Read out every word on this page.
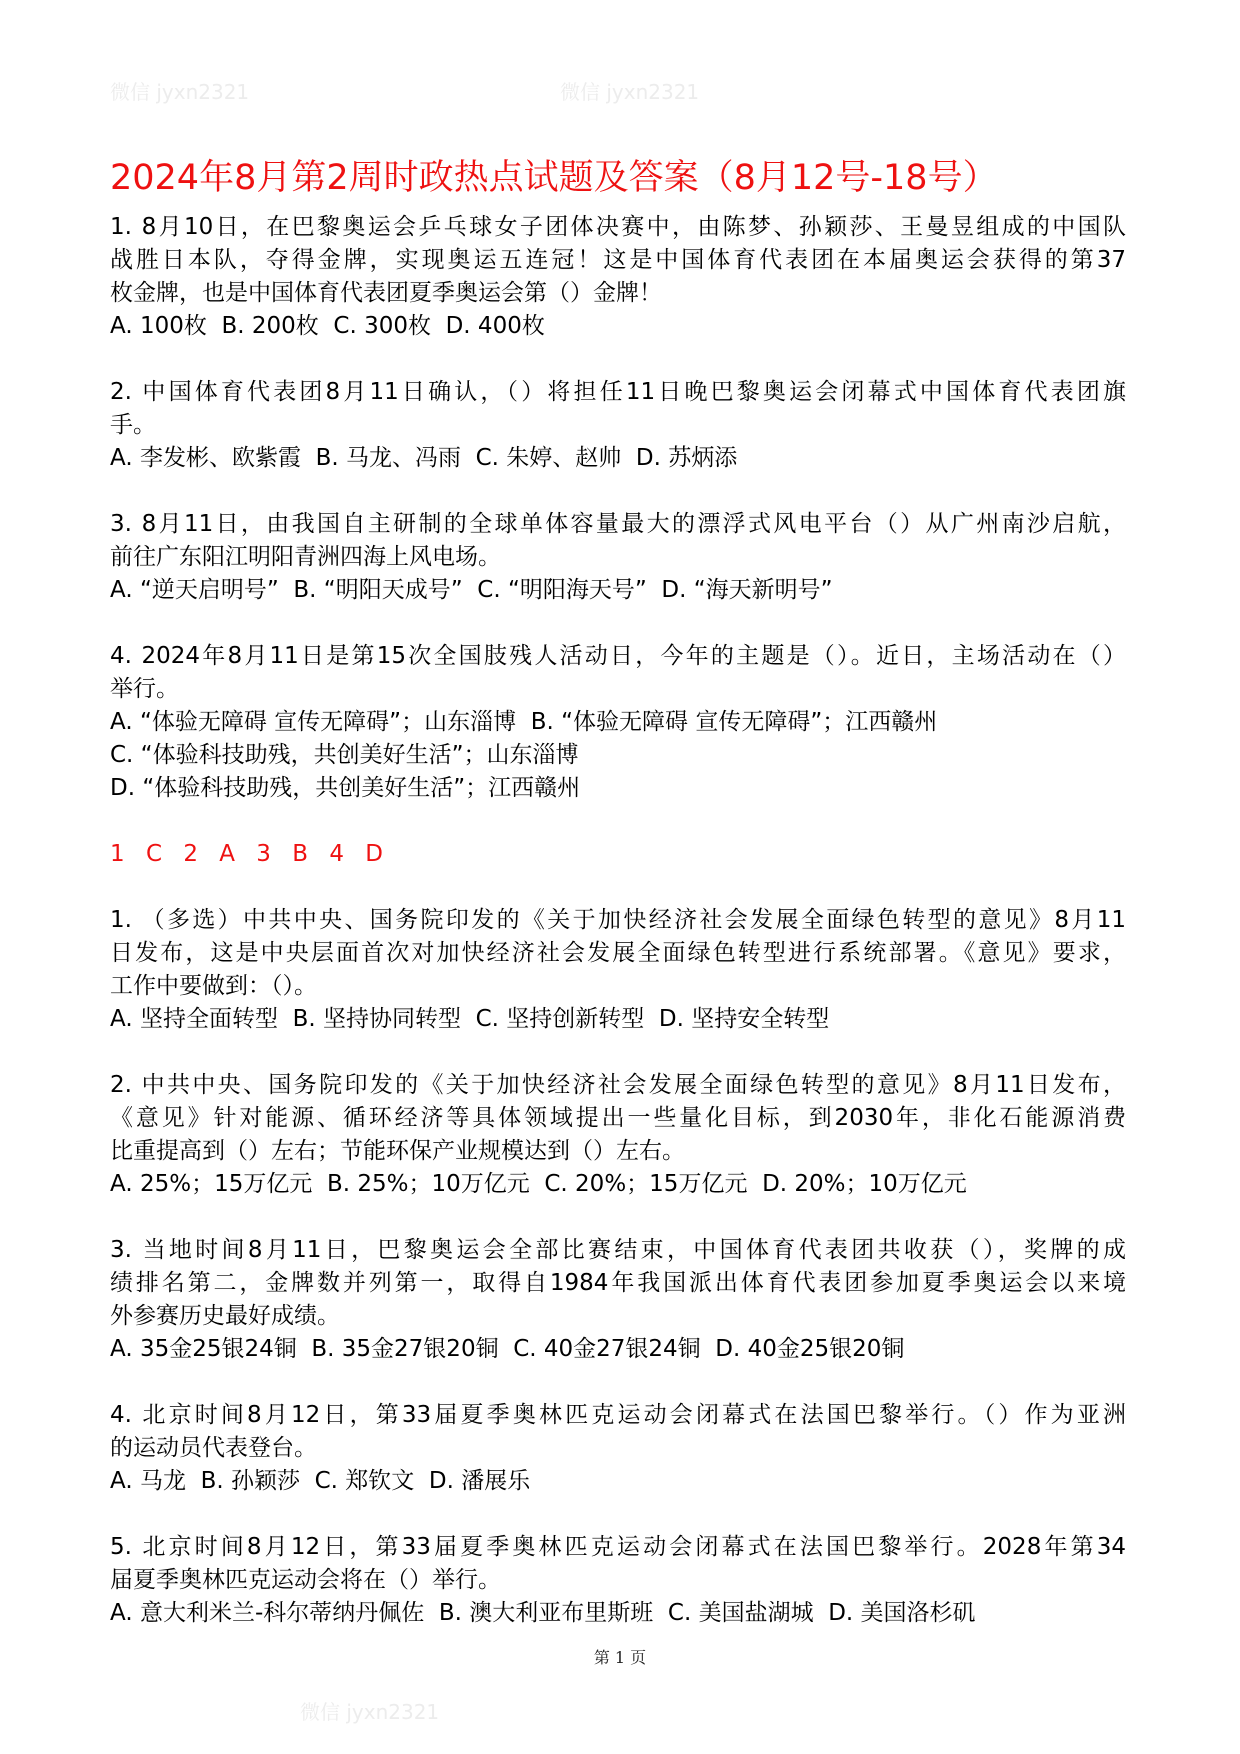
微信 jyxn2321	微信 jyxn2321
微信 jyxn2321
2024年8月第2周时政热点试题及答案（8月12号-18号）
1. 8月10日，在巴黎奥运会乒乓球女子团体决赛中，由陈梦、孙颖莎、王曼昱组成的中国队
战胜日本队，夺得金牌，实现奥运五连冠！这是中国体育代表团在本届奥运会获得的第37
枚金牌，也是中国体育代表团夏季奥运会第（）金牌！
A. 100枚  B. 200枚  C. 300枚  D. 400枚
2. 中国体育代表团8月11日确认，（）将担任11日晚巴黎奥运会闭幕式中国体育代表团旗
手。
A. 李发彬、欧紫霞  B. 马龙、冯雨  C. 朱婷、赵帅  D. 苏炳添
3. 8月11日，由我国自主研制的全球单体容量最大的漂浮式风电平台（）从广州南沙启航，
前往广东阳江明阳青洲四海上风电场。
A. “逆天启明号”  B. “明阳天成号”  C. “明阳海天号”  D. “海天新明号”
4. 2024年8月11日是第15次全国肢残人活动日，今年的主题是（）。近日，主场活动在（）
举行。
A. “体验无障碍 宣传无障碍”；山东淄博  B. “体验无障碍 宣传无障碍”；江西赣州
C. “体验科技助残，共创美好生活”；山东淄博
D. “体验科技助残，共创美好生活”；江西赣州
1 C 2 A 3 B 4 D
1. （多选）中共中央、国务院印发的《关于加快经济社会发展全面绿色转型的意见》8月11
日发布，这是中央层面首次对加快经济社会发展全面绿色转型进行系统部署。《意见》要求，
工作中要做到：（）。
A. 坚持全面转型  B. 坚持协同转型  C. 坚持创新转型  D. 坚持安全转型
2. 中共中央、国务院印发的《关于加快经济社会发展全面绿色转型的意见》8月11日发布，
《意见》针对能源、循环经济等具体领域提出一些量化目标，到2030年，非化石能源消费
比重提高到（）左右；节能环保产业规模达到（）左右。
A. 25%；15万亿元  B. 25%；10万亿元  C. 20%；15万亿元  D. 20%；10万亿元
3. 当地时间8月11日，巴黎奥运会全部比赛结束，中国体育代表团共收获（），奖牌的成
绩排名第二，金牌数并列第一，取得自1984年我国派出体育代表团参加夏季奥运会以来境
外参赛历史最好成绩。
A. 35金25银24铜  B. 35金27银20铜  C. 40金27银24铜  D. 40金25银20铜
4. 北京时间8月12日，第33届夏季奥林匹克运动会闭幕式在法国巴黎举行。（）作为亚洲
的运动员代表登台。
A. 马龙  B. 孙颖莎  C. 郑钦文  D. 潘展乐
5. 北京时间8月12日，第33届夏季奥林匹克运动会闭幕式在法国巴黎举行。2028年第34
届夏季奥林匹克运动会将在（）举行。
A. 意大利米兰-科尔蒂纳丹佩佐  B. 澳大利亚布里斯班  C. 美国盐湖城  D. 美国洛杉矶
第 1 页
